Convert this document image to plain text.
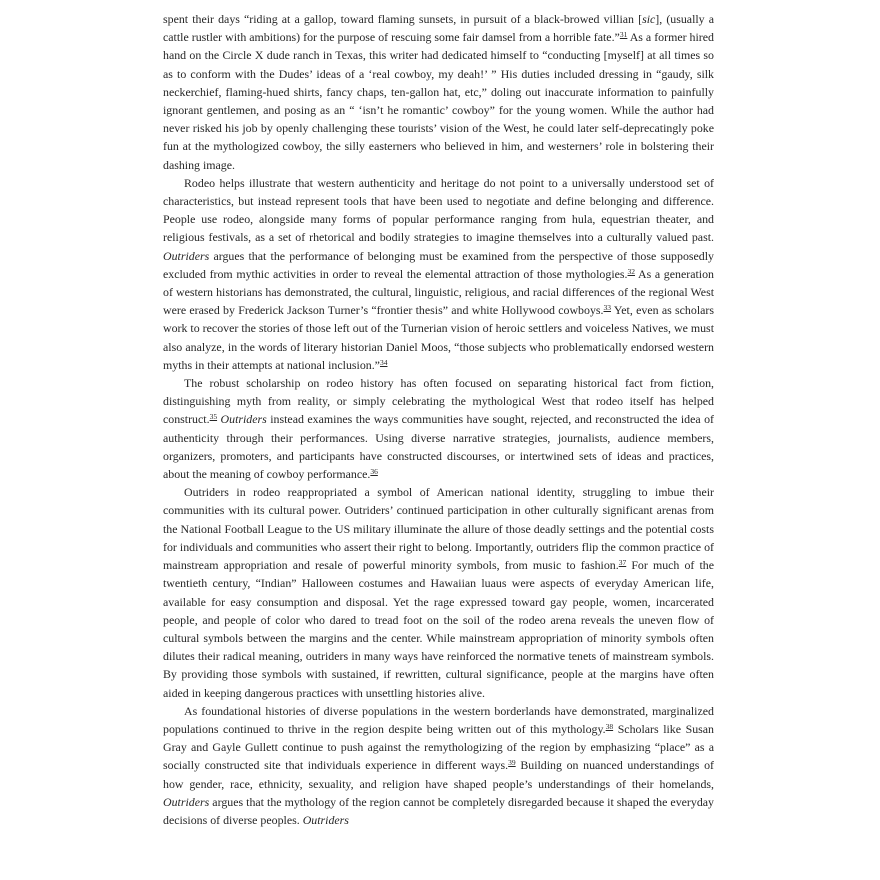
spent their days “riding at a gallop, toward flaming sunsets, in pursuit of a black-browed villian [sic], (usually a cattle rustler with ambitions) for the purpose of rescuing some fair damsel from a horrible fate.”$^{31}$ As a former hired hand on the Circle X dude ranch in Texas, this writer had dedicated himself to “conducting [myself] at all times so as to conform with the Dudes’ ideas of a ‘real cowboy, my deah!’ ” His duties included dressing in “gaudy, silk neckerchief, flaming-hued shirts, fancy chaps, ten-gallon hat, etc,” doling out inaccurate information to painfully ignorant gentlemen, and posing as an “ ‘isn’t he romantic’ cowboy” for the young women. While the author had never risked his job by openly challenging these tourists’ vision of the West, he could later self-deprecatingly poke fun at the mythologized cowboy, the silly easterners who believed in him, and westerners’ role in bolstering their dashing image.

Rodeo helps illustrate that western authenticity and heritage do not point to a universally understood set of characteristics, but instead represent tools that have been used to negotiate and define belonging and difference. People use rodeo, alongside many forms of popular performance ranging from hula, equestrian theater, and religious festivals, as a set of rhetorical and bodily strategies to imagine themselves into a culturally valued past. Outriders argues that the performance of belonging must be examined from the perspective of those supposedly excluded from mythic activities in order to reveal the elemental attraction of those mythologies.$^{32}$ As a generation of western historians has demonstrated, the cultural, linguistic, religious, and racial differences of the regional West were erased by Frederick Jackson Turner’s “frontier thesis” and white Hollywood cowboys.$^{33}$ Yet, even as scholars work to recover the stories of those left out of the Turnerian vision of heroic settlers and voiceless Natives, we must also analyze, in the words of literary historian Daniel Moos, “those subjects who problematically endorsed western myths in their attempts at national inclusion.”$^{34}$

The robust scholarship on rodeo history has often focused on separating historical fact from fiction, distinguishing myth from reality, or simply celebrating the mythological West that rodeo itself has helped construct.$^{35}$ Outriders instead examines the ways communities have sought, rejected, and reconstructed the idea of authenticity through their performances. Using diverse narrative strategies, journalists, audience members, organizers, promoters, and participants have constructed discourses, or intertwined sets of ideas and practices, about the meaning of cowboy performance.$^{36}$

Outriders in rodeo reappropriated a symbol of American national identity, struggling to imbue their communities with its cultural power. Outriders’ continued participation in other culturally significant arenas from the National Football League to the US military illuminate the allure of those deadly settings and the potential costs for individuals and communities who assert their right to belong. Importantly, outriders flip the common practice of mainstream appropriation and resale of powerful minority symbols, from music to fashion.$^{37}$ For much of the twentieth century, “Indian” Halloween costumes and Hawaiian luaus were aspects of everyday American life, available for easy consumption and disposal. Yet the rage expressed toward gay people, women, incarcerated people, and people of color who dared to tread foot on the soil of the rodeo arena reveals the uneven flow of cultural symbols between the margins and the center. While mainstream appropriation of minority symbols often dilutes their radical meaning, outriders in many ways have reinforced the normative tenets of mainstream symbols. By providing those symbols with sustained, if rewritten, cultural significance, people at the margins have often aided in keeping dangerous practices with unsettling histories alive.

As foundational histories of diverse populations in the western borderlands have demonstrated, marginalized populations continued to thrive in the region despite being written out of this mythology.$^{38}$ Scholars like Susan Gray and Gayle Gullett continue to push against the remythologizing of the region by emphasizing “place” as a socially constructed site that individuals experience in different ways.$^{39}$ Building on nuanced understandings of how gender, race, ethnicity, sexuality, and religion have shaped people’s understandings of their homelands, Outriders argues that the mythology of the region cannot be completely disregarded because it shaped the everyday decisions of diverse peoples. Outriders
